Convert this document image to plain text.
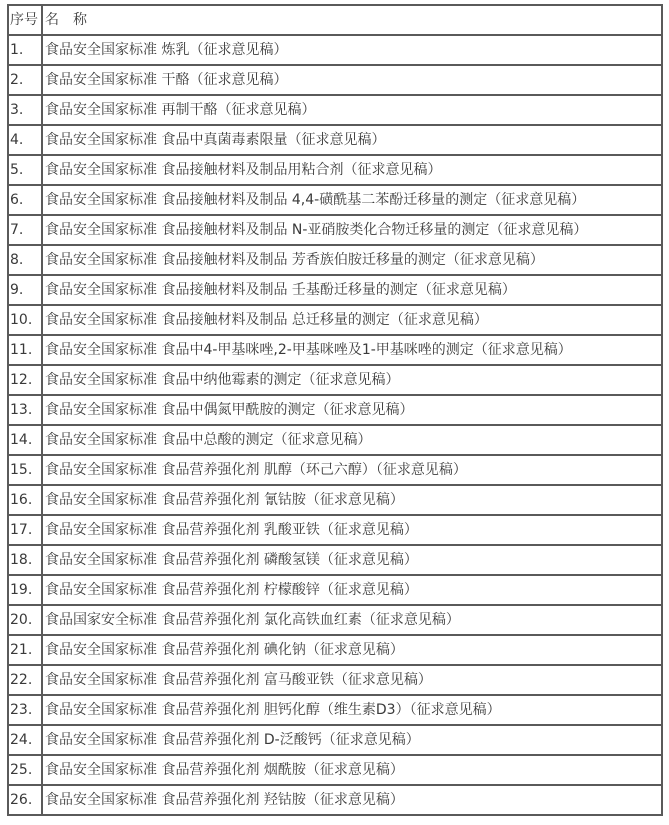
序号	名　称
1.	食品安全国家标准 炼乳（征求意见稿）
2.	食品安全国家标准 干酪（征求意见稿）
3.	食品安全国家标准 再制干酪（征求意见稿）
4.	食品安全国家标准 食品中真菌毒素限量（征求意见稿）
5.	食品安全国家标准 食品接触材料及制品用粘合剂（征求意见稿）
6.	食品安全国家标准 食品接触材料及制品 4,4-磺酰基二苯酚迁移量的测定（征求意见稿）
7.	食品安全国家标准 食品接触材料及制品 N-亚硝胺类化合物迁移量的测定（征求意见稿）
8.	食品安全国家标准 食品接触材料及制品 芳香族伯胺迁移量的测定（征求意见稿）
9.	食品安全国家标准 食品接触材料及制品 壬基酚迁移量的测定（征求意见稿）
10.	食品安全国家标准 食品接触材料及制品 总迁移量的测定（征求意见稿）
11.	食品安全国家标准 食品中4-甲基咪唑,2-甲基咪唑及1-甲基咪唑的测定（征求意见稿）
12.	食品安全国家标准 食品中纳他霉素的测定（征求意见稿）
13.	食品安全国家标准 食品中偶氮甲酰胺的测定（征求意见稿）
14.	食品安全国家标准 食品中总酸的测定（征求意见稿）
15.	食品安全国家标准 食品营养强化剂 肌醇（环己六醇）（征求意见稿）
16.	食品安全国家标准 食品营养强化剂 氰钴胺（征求意见稿）
17.	食品安全国家标准 食品营养强化剂 乳酸亚铁（征求意见稿）
18.	食品安全国家标准 食品营养强化剂 磷酸氢镁（征求意见稿）
19.	食品安全国家标准 食品营养强化剂 柠檬酸锌（征求意见稿）
20.	食品国家安全标准 食品营养强化剂 氯化高铁血红素（征求意见稿）
21.	食品安全国家标准 食品营养强化剂 碘化钠（征求意见稿）
22.	食品安全国家标准 食品营养强化剂 富马酸亚铁（征求意见稿）
23.	食品安全国家标准 食品营养强化剂 胆钙化醇（维生素D3）（征求意见稿）
24.	食品安全国家标准 食品营养强化剂 D-泛酸钙（征求意见稿）
25.	食品安全国家标准 食品营养强化剂 烟酰胺（征求意见稿）
26.	食品安全国家标准 食品营养强化剂 羟钴胺（征求意见稿）
